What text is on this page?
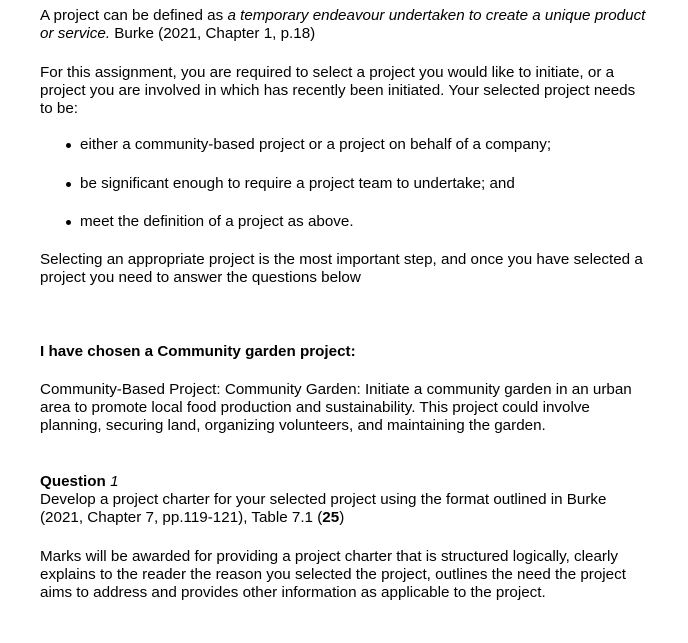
A project can be defined as a temporary endeavour undertaken to create a unique product or service. Burke (2021, Chapter 1, p.18)

For this assignment, you are required to select a project you would like to initiate, or a project you are involved in which has recently been initiated. Your selected project needs to be:

either a community-based project or a project on behalf of a company;
be significant enough to require a project team to undertake; and
meet the definition of a project as above.

Selecting an appropriate project is the most important step, and once you have selected a project you need to answer the questions below

I have chosen a Community garden project:

Community-Based Project: Community Garden: Initiate a community garden in an urban area to promote local food production and sustainability. This project could involve planning, securing land, organizing volunteers, and maintaining the garden.

Question 1

Develop a project charter for your selected project using the format outlined in Burke (2021, Chapter 7, pp.119-121), Table 7.1 (25)

Marks will be awarded for providing a project charter that is structured logically, clearly explains to the reader the reason you selected the project, outlines the need the project aims to address and provides other information as applicable to the project.
